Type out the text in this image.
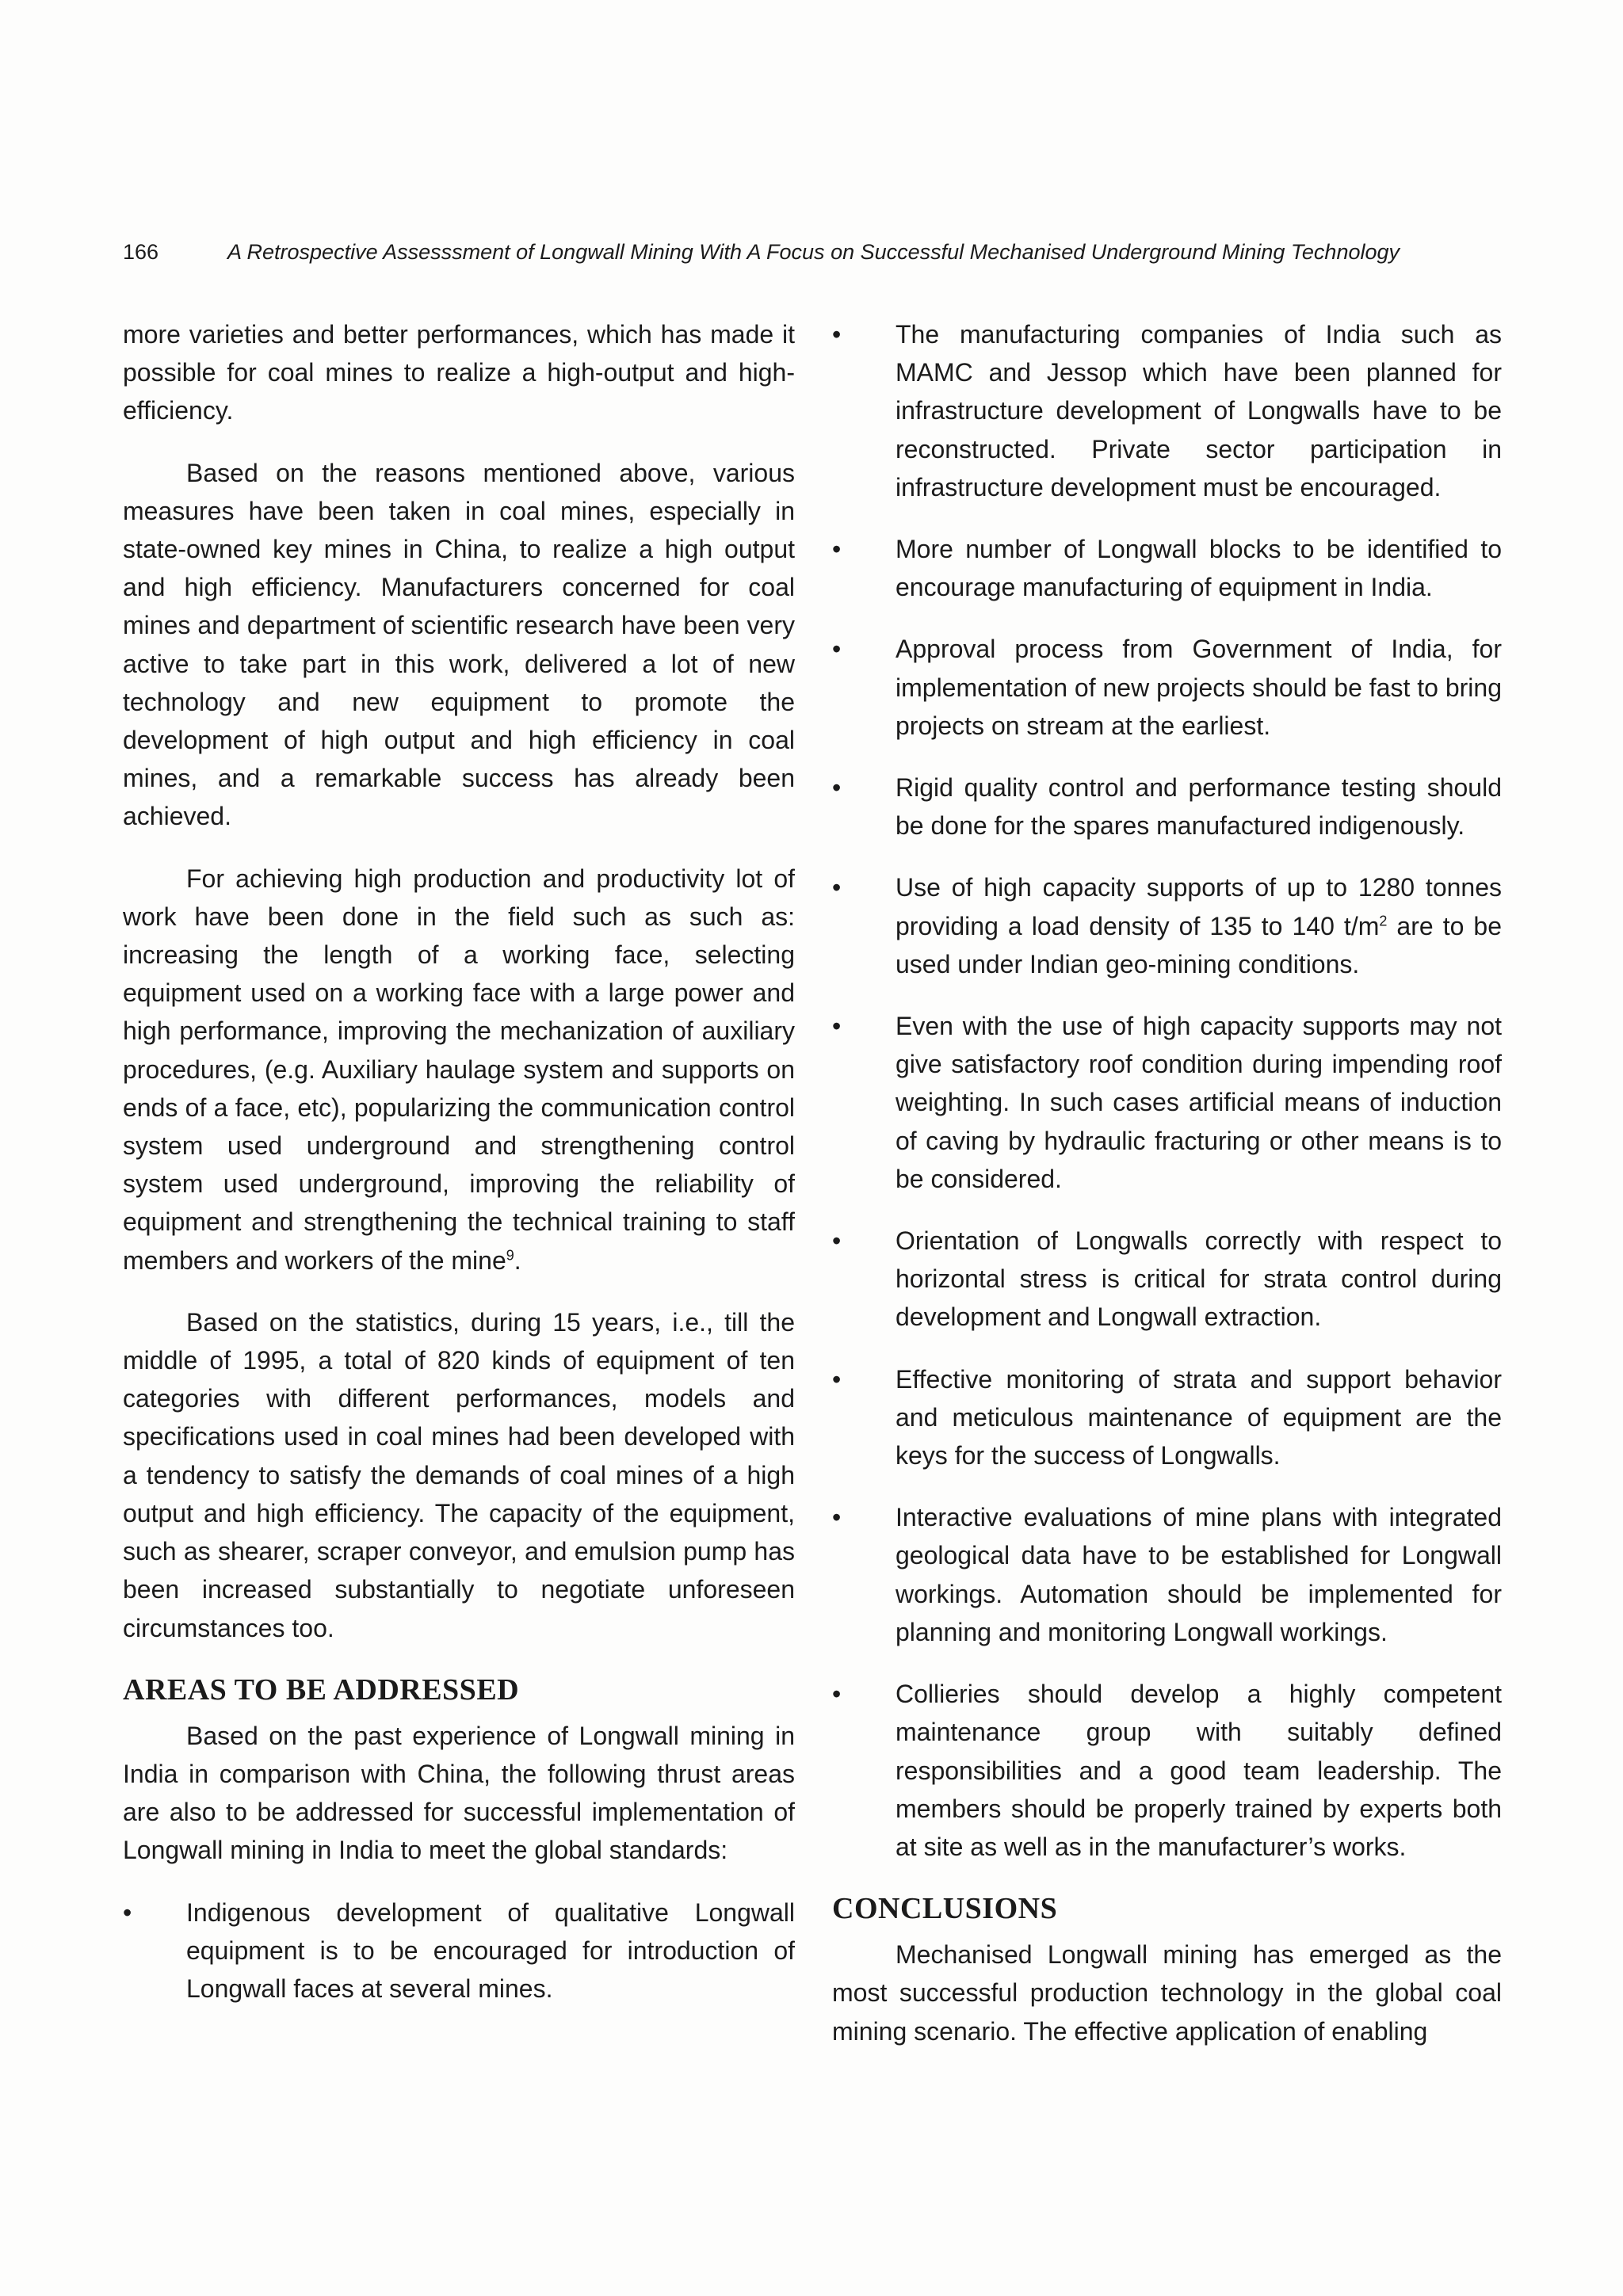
166	A Retrospective Assesssment of Longwall Mining With A Focus on Successful Mechanised Underground Mining Technology

more varieties and better performances, which has made it possible for coal mines to realize a high-output and high-efficiency.

Based on the reasons mentioned above, various measures have been taken in coal mines, especially in state-owned key mines in China, to realize a high output and high efficiency. Manufacturers concerned for coal mines and department of scientific research have been very active to take part in this work, delivered a lot of new technology and new equipment to promote the development of high output and high efficiency in coal mines, and a remarkable success has already been achieved.

For achieving high production and productivity lot of work have been done in the field such as such as: increasing the length of a working face, selecting equipment used on a working face with a large power and high performance, improving the mechanization of auxiliary procedures, (e.g. Auxiliary haulage system and supports on ends of a face, etc), popularizing the communication control system used underground and strengthening control system used underground, improving the reliability of equipment and strengthening the technical training to staff members and workers of the mine$^9$.

Based on the statistics, during 15 years, i.e., till the middle of 1995, a total of 820 kinds of equipment of ten categories with different performances, models and specifications used in coal mines had been developed with a tendency to satisfy the demands of coal mines of a high output and high efficiency. The capacity of the equipment, such as shearer, scraper conveyor, and emulsion pump has been increased substantially to negotiate unforeseen circumstances too.

AREAS TO BE ADDRESSED

Based on the past experience of Longwall mining in India in comparison with China, the following thrust areas are also to be addressed for successful implementation of Longwall mining in India to meet the global standards:

• Indigenous development of qualitative Longwall equipment is to be encouraged for introduction of Longwall faces at several mines.
• The manufacturing companies of India such as MAMC and Jessop which have been planned for infrastructure development of Longwalls have to be reconstructed. Private sector participation in infrastructure development must be encouraged.
• More number of Longwall blocks to be identified to encourage manufacturing of equipment in India.
• Approval process from Government of India, for implementation of new projects should be fast to bring projects on stream at the earliest.
• Rigid quality control and performance testing should be done for the spares manufactured indigenously.
• Use of high capacity supports of up to 1280 tonnes providing a load density of 135 to 140 $t/m^2$ are to be used under Indian geo-mining conditions.
• Even with the use of high capacity supports may not give satisfactory roof condition during impending roof weighting. In such cases artificial means of induction of caving by hydraulic fracturing or other means is to be considered.
• Orientation of Longwalls correctly with respect to horizontal stress is critical for strata control during development and Longwall extraction.
• Effective monitoring of strata and support behavior and meticulous maintenance of equipment are the keys for the success of Longwalls.
• Interactive evaluations of mine plans with integrated geological data have to be established for Longwall workings. Automation should be implemented for planning and monitoring Longwall workings.
• Collieries should develop a highly competent maintenance group with suitably defined responsibilities and a good team leadership. The members should be properly trained by experts both at site as well as in the manufacturer’s works.
CONCLUSIONS

Mechanised Longwall mining has emerged as the most successful production technology in the global coal mining scenario. The effective application of enabling
